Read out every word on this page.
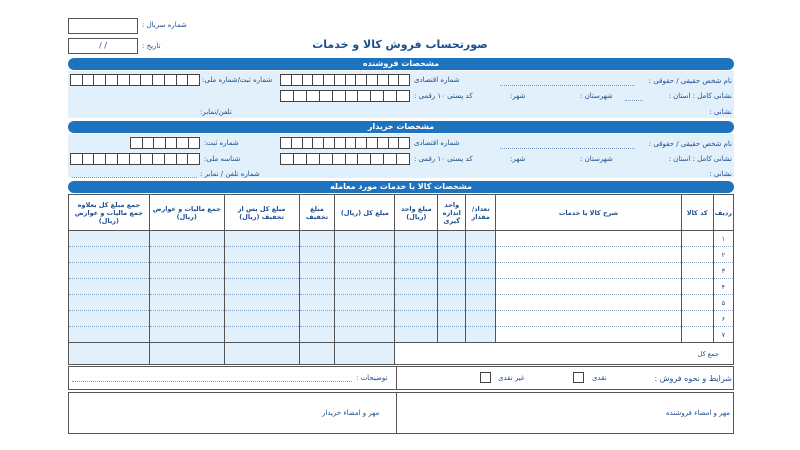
شماره سریال :
/ /	تاریخ :	صورتحساب فروش کالا و خدمات
مشخصات فروشنده
نام شخص حقیقی / حقوقی :
شماره اقتصادی
شماره ثبت/شماره ملی:
نشانی کامل : استان :
شهرستان :
شهر:
کد پستی ۱۰ رقمی :
نشانی :
تلفن/نمابر:
مشخصات خریدار
نام شخص حقیقی / حقوقی :
شماره اقتصادی
شماره ثبت:
نشانی کامل : استان :
شهرستان :
شهر:
کد پستی ۱۰ رقمی :
شناسه ملی:
نشانی :
شماره تلفن / نمابر :
مشخصات کالا یا خدمات مورد معامله
جمع مبلغ کل بعلاوه جمع مالیات و عوارض (ریال)	جمع مالیات و عوارض (ریال)	مبلغ کل پس از تخفیف (ریال)	مبلغ تخفیف	مبلغ کل (ریال)	مبلغ واحد (ریال)	واحد اندازه گیری	تعداد/ مقدار	شرح کالا یا خدمات	کد کالا	ردیف
										۱
										۲
										۳
										۴
										۵
										۶
										۷
					جمع کل					
شرایط و نحوه فروش :
نقدی
غیر نقدی
توضیحات :
مهر و امضاء فروشنده
مهر و امضاء خریدار
